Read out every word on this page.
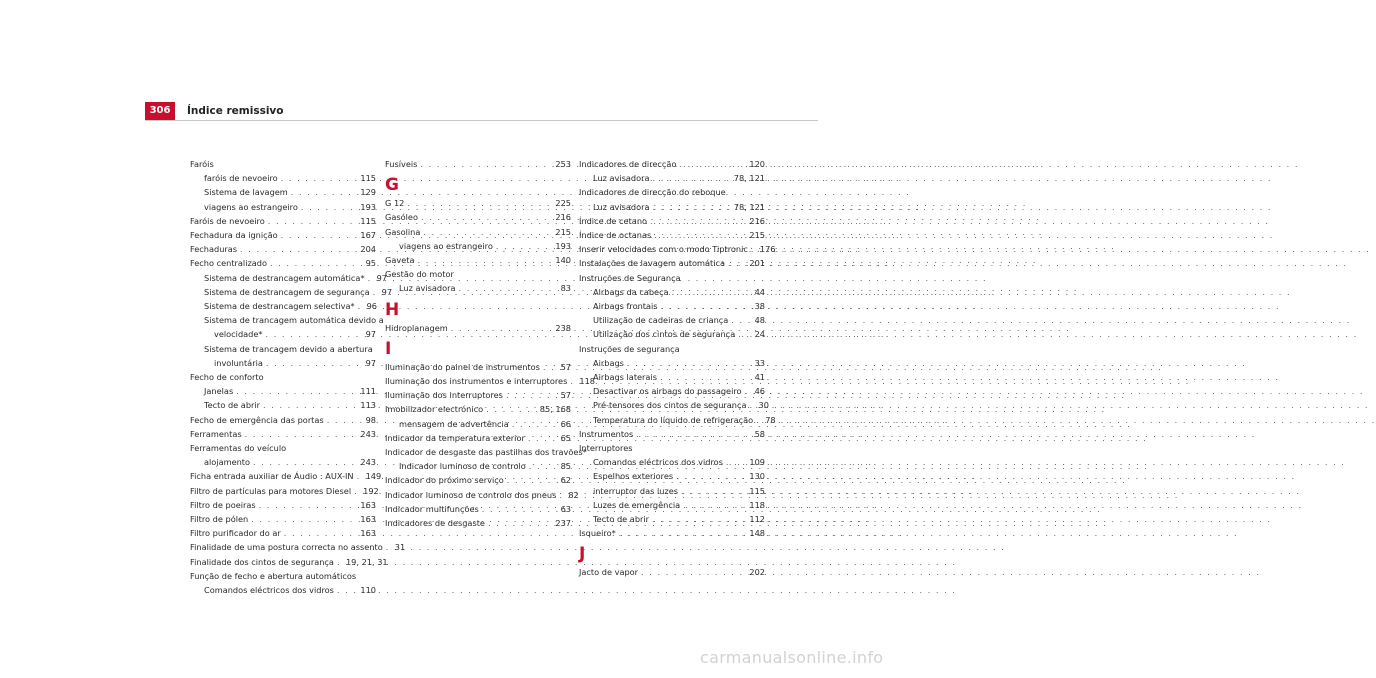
306	Índice remissivo
Faróis
faróis de nevoeiro . . .	115
Sistema de lavagem . . .	129
viagens ao estrangeiro . . .	193
Faróis de nevoeiro . . .	115
Fechadura da ignição . . .	167
Fechaduras . . .	204
Fecho centralizado . . .	95
Sistema de destrancagem automática* . . . 97
Sistema de destrancagem de segurança . . . 97
Sistema de destrancagem selectiva* . . . 96
Sistema de trancagem automática devido a
velocidade* . . .	97
Sistema de trancagem devido a abertura
involuntária . . .	97
Fecho de conforto
Janelas . . .	111
Tecto de abrir . . .	113
Fecho de emergência das portas . . .	98
Ferramentas . . .	243
Ferramentas do veículo
alojamento . . .	243
Ficha entrada auxiliar de Áudio : AUX-IN . . . 149
Filtro de partículas para motores Diesel . . . 192
Filtro de poeiras . . .	163
Filtro de pólen . . .	163
Filtro purificador do ar . . .	163
Finalidade de uma postura correcta no assento . . . 31
Finalidade dos cintos de segurança . . . 19, 21, 31
Função de fecho e abertura automáticos
Comandos eléctricos dos vidros . . .	110
Fusíveis . . .	253
G
G 12 . . .	225
Gasóleo . . .	216
Gasolina . . .	215
viagens ao estrangeiro . . .	193
Gaveta . . .	140
Gestão do motor
Luz avisadora . . .	83
H
Hidroplanagem . . .	238
I
Iluminação do painel de instrumentos . . .	57
Iluminação dos instrumentos e interruptores . . . 118
Iluminação dos interruptores . . .	57
Imobilizador electrónico . . .	85, 168
mensagem de advertência . . .	66
Indicador da temperatura exterior . . .	65
Indicador de desgaste das pastilhas dos travões*
Indicador luminoso de controlo . . .	85
Indicador do próximo serviço . . .	62
Indicador luminoso de controlo dos pneus . . . 82
Indicador multifunções . . .	63
Indicadores de desgaste . . .	237
Indicadores de direcção . . .	120
Luz avisadora . . .	78, 121
Indicadores de direcção do reboque
Luz avisadora . . .	78, 121
Índice de cetano . . .	216
Índice de octanas . . .	215
Inserir velocidades com o modo Tiptronic . . . 176
Instalações de lavagem automática . . .	201
Instruções de Segurança
Airbags da cabeça . . .	44
Airbags frontais . . .	38
Utilização de cadeiras de criança . . .	48
Utilização dos cintos de segurança . . . 24
Instruções de segurança
Airbags . . .	33
Airbags laterais . . .	41
Desactivar os airbags do passageiro . . . 46
Pré-tensores dos cintos de segurança . . . 30
Temperatura do líquido de refrigeração . . . 78
Instrumentos . . .	58
Interruptores
Comandos eléctricos dos vidros . . .	109
Espelhos exteriores . . .	130
interruptor das luzes . . .	115
Luzes de emergência . . .	118
Tecto de abrir . . .	112
Isqueiro* . . .	148
J
Jacto de vapor . . .	202
carmanualsonline.info
